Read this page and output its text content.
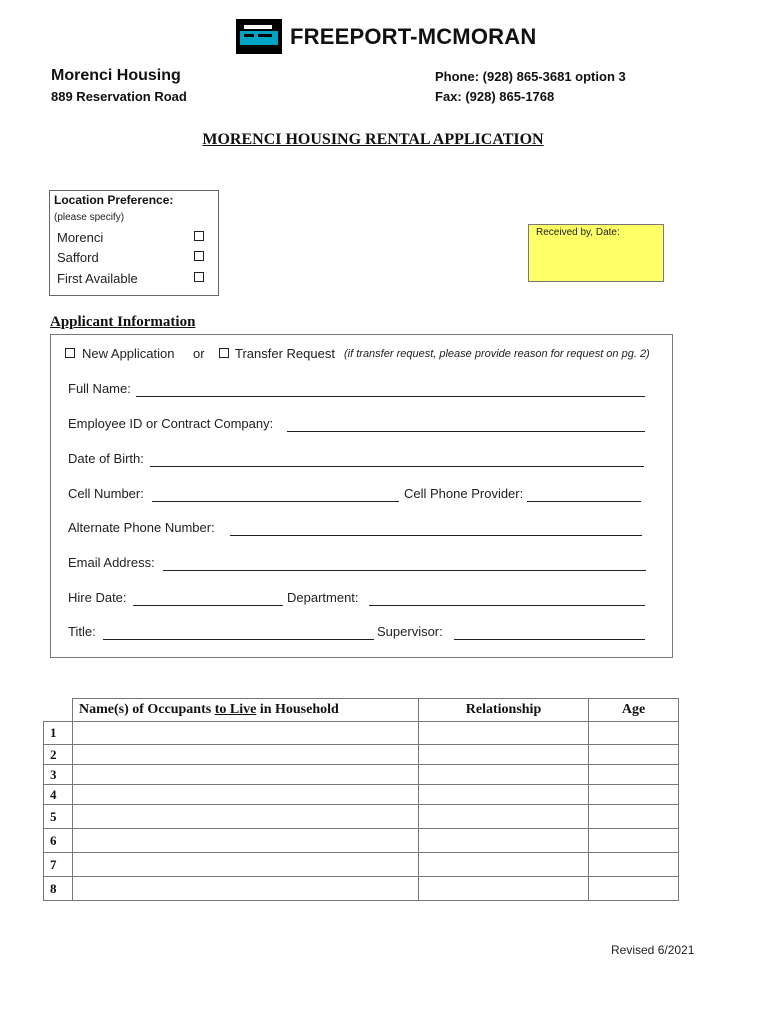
FREEPORT-MCMORAN
Morenci Housing
889 Reservation Road
Phone: (928) 865-3681 option 3
Fax: (928) 865-1768
MORENCI HOUSING RENTAL APPLICATION
Location Preference:
(please specify)
Morenci
Safford
First Available
Received by, Date:
Applicant Information
New Application or Transfer Request (if transfer request, please provide reason for request on pg. 2)
Full Name:
Employee ID or Contract Company:
Date of Birth:
Cell Number:	Cell Phone Provider:
Alternate Phone Number:
Email Address:
Hire Date:	Department:
Title:	Supervisor:
	Name(s) of Occupants to Live in Household	Relationship	Age
1			
2			
3			
4			
5			
6			
7			
8			
Revised 6/2021
